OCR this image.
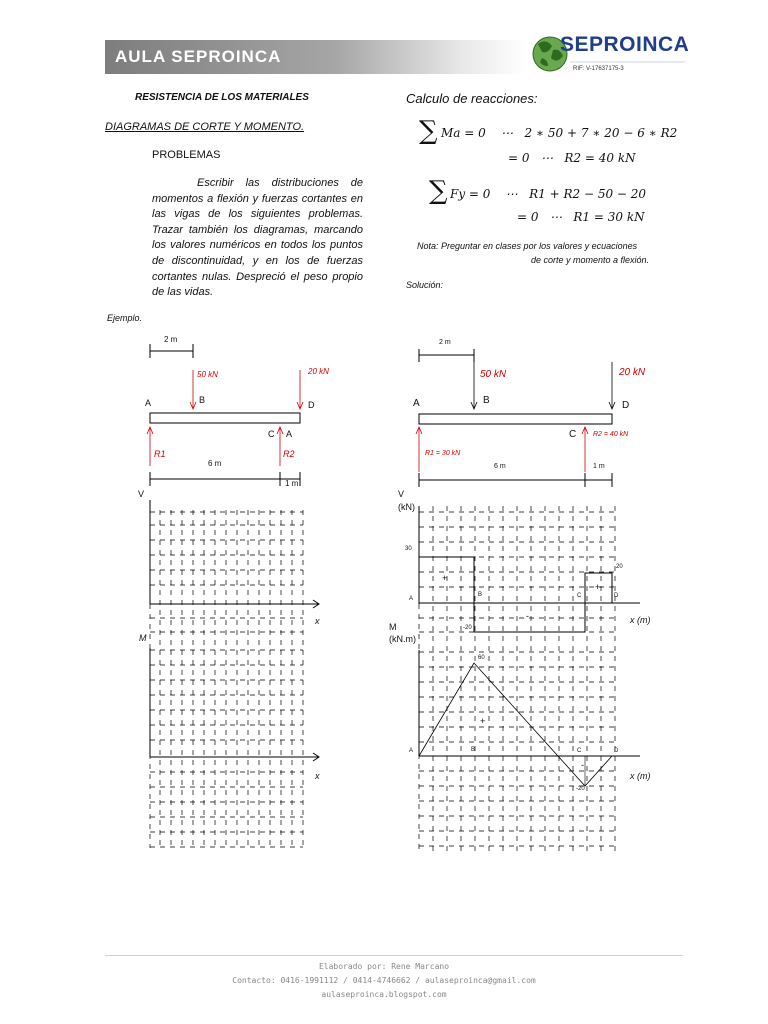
AULA SEPROINCA
SEPROINCA
RIF: V-17637175-3
RESISTENCIA DE LOS MATERIALES
DIAGRAMAS DE CORTE Y MOMENTO.
PROBLEMAS
Escribir las distribuciones de momentos a flexión y fuerzas cortantes en las vigas de los siguientes problemas. Trazar también los diagramas, marcando los valores numéricos en todos los puntos de discontinuidad, y en los de fuerzas cortantes nulas. Despreció el peso propio de las vidas.
Ejemplo.
Calculo de reacciones:
∑ Ma = 0    ⋯   2 ∗ 50 + 7 ∗ 20 − 6 ∗ R2
= 0   ⋯   R2 = 40 kN
∑ Fy = 0    ⋯   R1 + R2 − 50 − 20
= 0   ⋯   R1 = 30 kN
Nota: Preguntar en clases por los valores y ecuaciones
de corte y momento a flexión.
Solución:
2 m
50 kN	20 kN
A	B	D
C A
R1	R2
6 m
1 m
V
x
M
x
2 m
50 kN	20 kN
A	B	D
C R2 = 40 kN
R1 = 30 kN
6 m	1 m
V
(kN)
30
20
-20
+
+
-
A
B	C	D
x (m)
M
(kN.m)
60
+
-
-20
A	B	C	D
x (m)
Elaborado por: Rene Marcano
Contacto: 0416-1991112 / 0414-4746662 / aulaseproinca@gmail.com
aulaseproinca.blogspot.com
